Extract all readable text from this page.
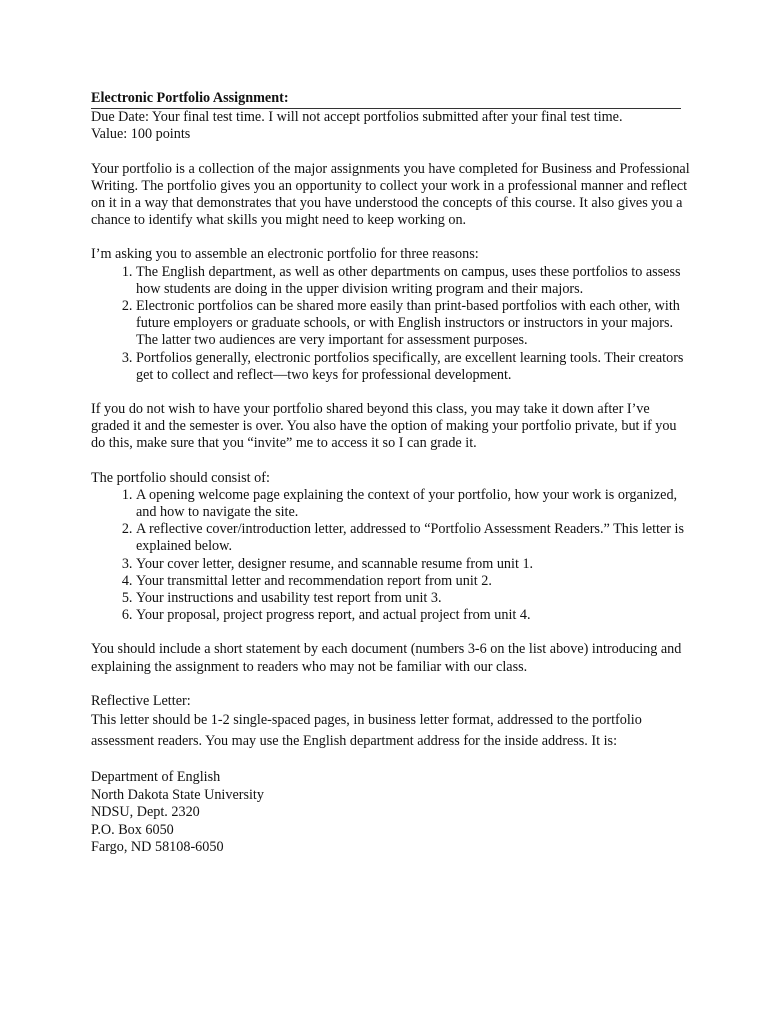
Electronic Portfolio Assignment:

Due Date: Your final test time. I will not accept portfolios submitted after your final test time.

Value: 100 points

Your portfolio is a collection of the major assignments you have completed for Business and Professional Writing. The portfolio gives you an opportunity to collect your work in a professional manner and reflect on it in a way that demonstrates that you have understood the concepts of this course. It also gives you a chance to identify what skills you might need to keep working on.

I’m asking you to assemble an electronic portfolio for three reasons:

1. The English department, as well as other departments on campus, uses these portfolios to assess how students are doing in the upper division writing program and their majors.
2. Electronic portfolios can be shared more easily than print-based portfolios with each other, with future employers or graduate schools, or with English instructors or instructors in your majors. The latter two audiences are very important for assessment purposes.
3. Portfolios generally, electronic portfolios specifically, are excellent learning tools. Their creators get to collect and reflect—two keys for professional development.

If you do not wish to have your portfolio shared beyond this class, you may take it down after I’ve graded it and the semester is over. You also have the option of making your portfolio private, but if you do this, make sure that you “invite” me to access it so I can grade it.

The portfolio should consist of:

1. A opening welcome page explaining the context of your portfolio, how your work is organized, and how to navigate the site.
2. A reflective cover/introduction letter, addressed to “Portfolio Assessment Readers.” This letter is explained below.
3. Your cover letter, designer resume, and scannable resume from unit 1.
4. Your transmittal letter and recommendation report from unit 2.
5. Your instructions and usability test report from unit 3.
6. Your proposal, project progress report, and actual project from unit 4.

You should include a short statement by each document (numbers 3-6 on the list above) introducing and explaining the assignment to readers who may not be familiar with our class.

Reflective Letter:

This letter should be 1-2 single-spaced pages, in business letter format, addressed to the portfolio assessment readers. You may use the English department address for the inside address. It is:

Department of English

North Dakota State University

NDSU, Dept. 2320

P.O. Box 6050

Fargo, ND 58108-6050
